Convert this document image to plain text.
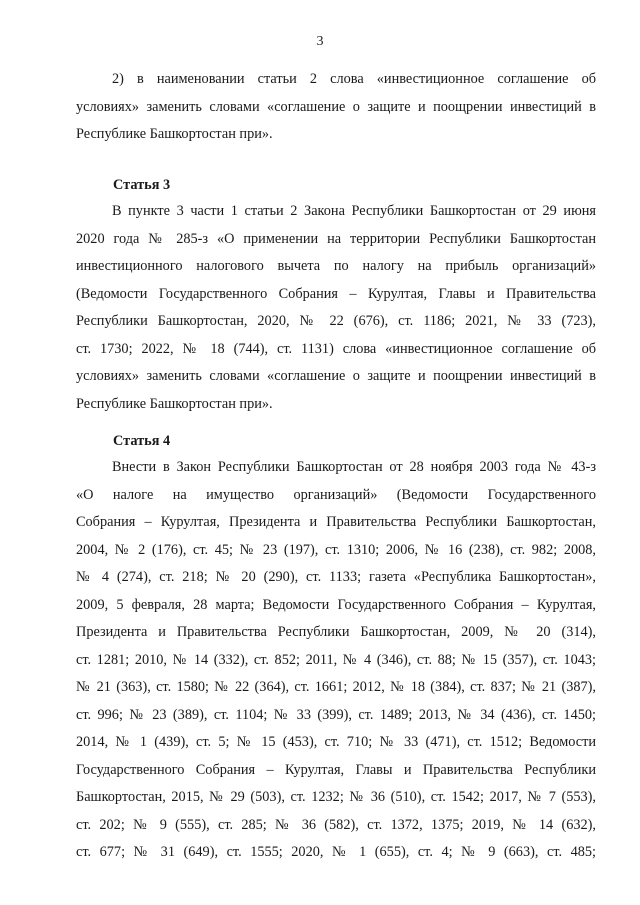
3
2) в наименовании статьи 2 слова «инвестиционное соглашение об
условиях» заменить словами «соглашение о защите и поощрении инвестиций в
Республике Башкортостан при».
Статья 3
В пункте 3 части 1 статьи 2 Закона Республики Башкортостан от 29 июня
2020 года № 285-з «О применении на территории Республики Башкортостан
инвестиционного налогового вычета по налогу на прибыль организаций»
(Ведомости Государственного Собрания – Курултая, Главы и Правительства
Республики Башкортостан, 2020, № 22 (676), ст. 1186; 2021, № 33 (723),
ст. 1730; 2022, № 18 (744), ст. 1131) слова «инвестиционное соглашение об
условиях» заменить словами «соглашение о защите и поощрении инвестиций в
Республике Башкортостан при».
Статья 4
Внести в Закон Республики Башкортостан от 28 ноября 2003 года № 43-з
«О налоге на имущество организаций» (Ведомости Государственного
Собрания – Курултая, Президента и Правительства Республики Башкортостан,
2004, № 2 (176), ст. 45; № 23 (197), ст. 1310; 2006, № 16 (238), ст. 982; 2008,
№ 4 (274), ст. 218; № 20 (290), ст. 1133; газета «Республика Башкортостан»,
2009, 5 февраля, 28 марта; Ведомости Государственного Собрания – Курултая,
Президента и Правительства Республики Башкортостан, 2009, № 20 (314),
ст. 1281; 2010, № 14 (332), ст. 852; 2011, № 4 (346), ст. 88; № 15 (357), ст. 1043;
№ 21 (363), ст. 1580; № 22 (364), ст. 1661; 2012, № 18 (384), ст. 837; № 21 (387),
ст. 996; № 23 (389), ст. 1104; № 33 (399), ст. 1489; 2013, № 34 (436), ст. 1450;
2014, № 1 (439), ст. 5; № 15 (453), ст. 710; № 33 (471), ст. 1512; Ведомости
Государственного Собрания – Курултая, Главы и Правительства Республики
Башкортостан, 2015, № 29 (503), ст. 1232; № 36 (510), ст. 1542; 2017, № 7 (553),
ст. 202; № 9 (555), ст. 285; № 36 (582), ст. 1372, 1375; 2019, № 14 (632),
ст. 677; № 31 (649), ст. 1555; 2020, № 1 (655), ст. 4; № 9 (663), ст. 485;
